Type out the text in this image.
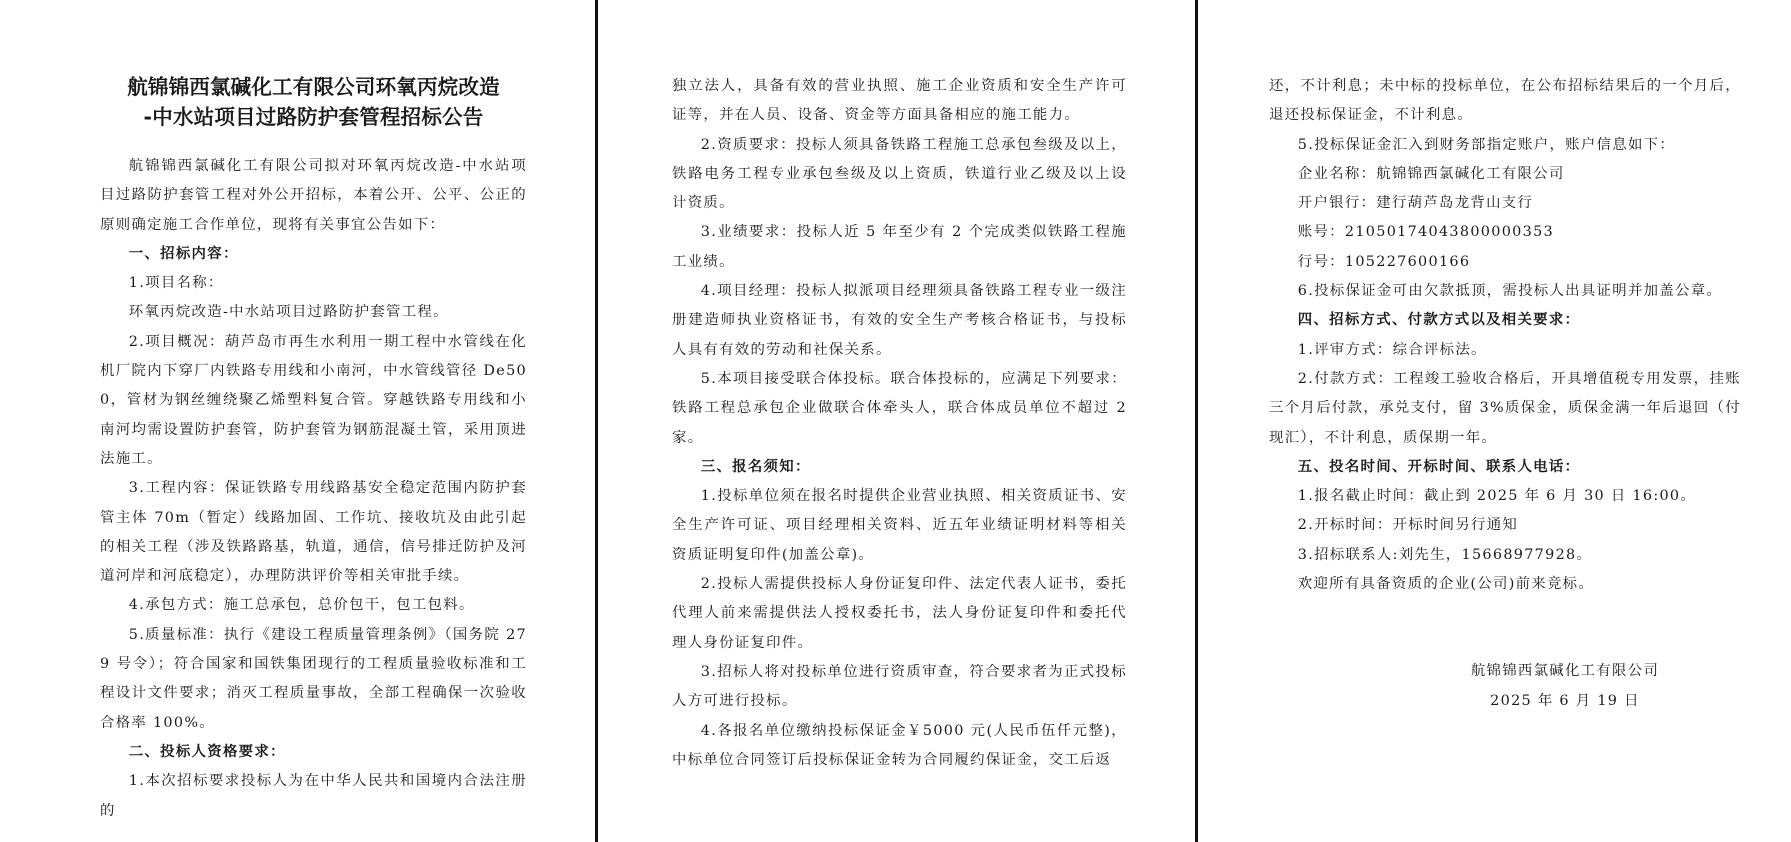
航锦锦西氯碱化工有限公司环氧丙烷改造
-中水站项目过路防护套管程招标公告

航锦锦西氯碱化工有限公司拟对环氧丙烷改造-中水站项目过路防护套管工程对外公开招标，本着公开、公平、公正的原则确定施工合作单位，现将有关事宜公告如下：

一、招标内容：

1.项目名称：

环氧丙烷改造-中水站项目过路防护套管工程。

2.项目概况：葫芦岛市再生水利用一期工程中水管线在化机厂院内下穿厂内铁路专用线和小南河，中水管线管径 De500，管材为钢丝缠绕聚乙烯塑料复合管。穿越铁路专用线和小南河均需设置防护套管，防护套管为钢筋混凝土管，采用顶进法施工。

3.工程内容：保证铁路专用线路基安全稳定范围内防护套管主体 70m（暂定）线路加固、工作坑、接收坑及由此引起的相关工程（涉及铁路路基，轨道，通信，信号排迁防护及河道河岸和河底稳定），办理防洪评价等相关审批手续。

4.承包方式：施工总承包，总价包干，包工包料。

5.质量标准：执行《建设工程质量管理条例》（国务院 279 号令）；符合国家和国铁集团现行的工程质量验收标准和工程设计文件要求；消灭工程质量事故，全部工程确保一次验收合格率 100%。

二、投标人资格要求：

1.本次招标要求投标人为在中华人民共和国境内合法注册的

独立法人，具备有效的营业执照、施工企业资质和安全生产许可证等，并在人员、设备、资金等方面具备相应的施工能力。

2.资质要求：投标人须具备铁路工程施工总承包叁级及以上，铁路电务工程专业承包叁级及以上资质，铁道行业乙级及以上设计资质。

3.业绩要求：投标人近 5 年至少有 2 个完成类似铁路工程施工业绩。

4.项目经理：投标人拟派项目经理须具备铁路工程专业一级注册建造师执业资格证书，有效的安全生产考核合格证书，与投标人具有有效的劳动和社保关系。

5.本项目接受联合体投标。联合体投标的，应满足下列要求：铁路工程总承包企业做联合体牵头人，联合体成员单位不超过 2 家。

三、报名须知：

1.投标单位须在报名时提供企业营业执照、相关资质证书、安全生产许可证、项目经理相关资料、近五年业绩证明材料等相关资质证明复印件(加盖公章)。

2.投标人需提供投标人身份证复印件、法定代表人证书，委托代理人前来需提供法人授权委托书，法人身份证复印件和委托代理人身份证复印件。

3.招标人将对投标单位进行资质审查，符合要求者为正式投标人方可进行投标。

4.各报名单位缴纳投标保证金￥5000 元(人民币伍仟元整)，中标单位合同签订后投标保证金转为合同履约保证金，交工后返

还，不计利息；未中标的投标单位，在公布招标结果后的一个月后，退还投标保证金，不计利息。

5.投标保证金汇入到财务部指定账户，账户信息如下：

企业名称：航锦锦西氯碱化工有限公司

开户银行：建行葫芦岛龙背山支行

账号：21050174043800000353

行号：105227600166

6.投标保证金可由欠款抵顶，需投标人出具证明并加盖公章。

四、招标方式、付款方式以及相关要求：

1.评审方式：综合评标法。

2.付款方式：工程竣工验收合格后，开具增值税专用发票，挂账三个月后付款，承兑支付，留 3%质保金，质保金满一年后退回（付现汇），不计利息，质保期一年。

五、投名时间、开标时间、联系人电话：

1.报名截止时间：截止到 2025 年 6 月 30 日 16:00。

2.开标时间：开标时间另行通知

3.招标联系人:刘先生，15668977928。

欢迎所有具备资质的企业(公司)前来竞标。

航锦锦西氯碱化工有限公司

2025 年 6 月 19 日
